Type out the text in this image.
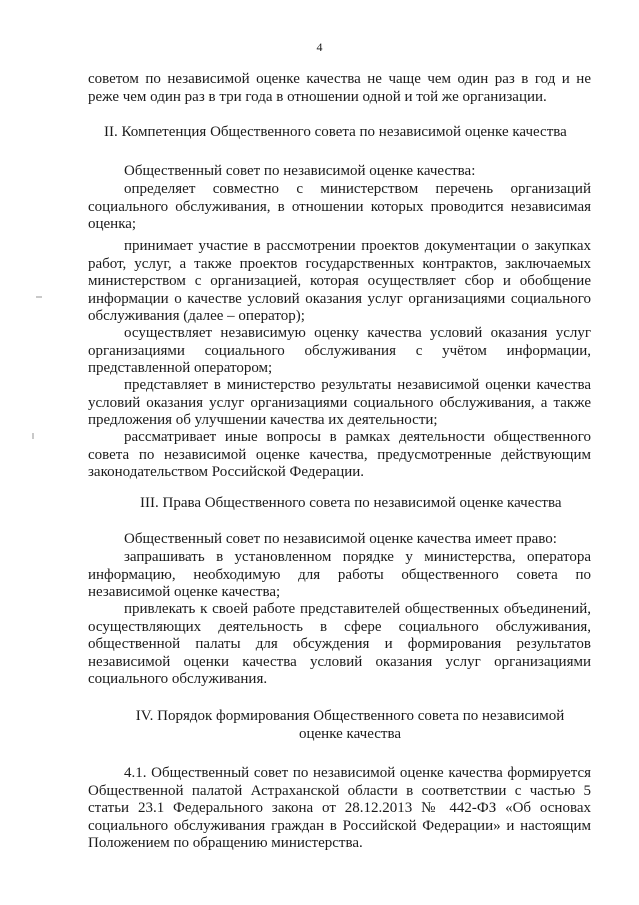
4
советом по независимой оценке качества не чаще чем один раз в год и не
реже чем один раз в три года в отношении одной и той же организации.
II. Компетенция Общественного совета по независимой оценке качества
Общественный совет по независимой оценке качества:
определяет совместно с министерством перечень организаций
социального обслуживания, в отношении которых проводится независимая
оценка;
принимает участие в рассмотрении проектов документации о закупках
работ, услуг, а также проектов государственных контрактов, заключаемых
министерством с организацией, которая осуществляет сбор и обобщение
информации о качестве условий оказания услуг организациями социального
обслуживания (далее – оператор);
осуществляет независимую оценку качества условий оказания услуг
организациями социального обслуживания с учётом информации,
представленной оператором;
представляет в министерство результаты независимой оценки качества
условий оказания услуг организациями социального обслуживания, а также
предложения об улучшении качества их деятельности;
рассматривает иные вопросы в рамках деятельности общественного
совета по независимой оценке качества, предусмотренные действующим
законодательством Российской Федерации.
III. Права Общественного совета по независимой оценке качества
Общественный совет по независимой оценке качества имеет право:
запрашивать в установленном порядке у министерства, оператора
информацию, необходимую для работы общественного совета по
независимой оценке качества;
привлекать к своей работе представителей общественных объединений,
осуществляющих деятельность в сфере социального обслуживания,
общественной палаты для обсуждения и формирования результатов
независимой оценки качества условий оказания услуг организациями
социального обслуживания.
IV. Порядок формирования Общественного совета по независимой
оценке качества
4.1. Общественный совет по независимой оценке качества формируется
Общественной палатой Астраханской области в соответствии с частью 5
статьи 23.1 Федерального закона от 28.12.2013 № 442-ФЗ «Об основах
социального обслуживания граждан в Российской Федерации» и настоящим
Положением по обращению министерства.
